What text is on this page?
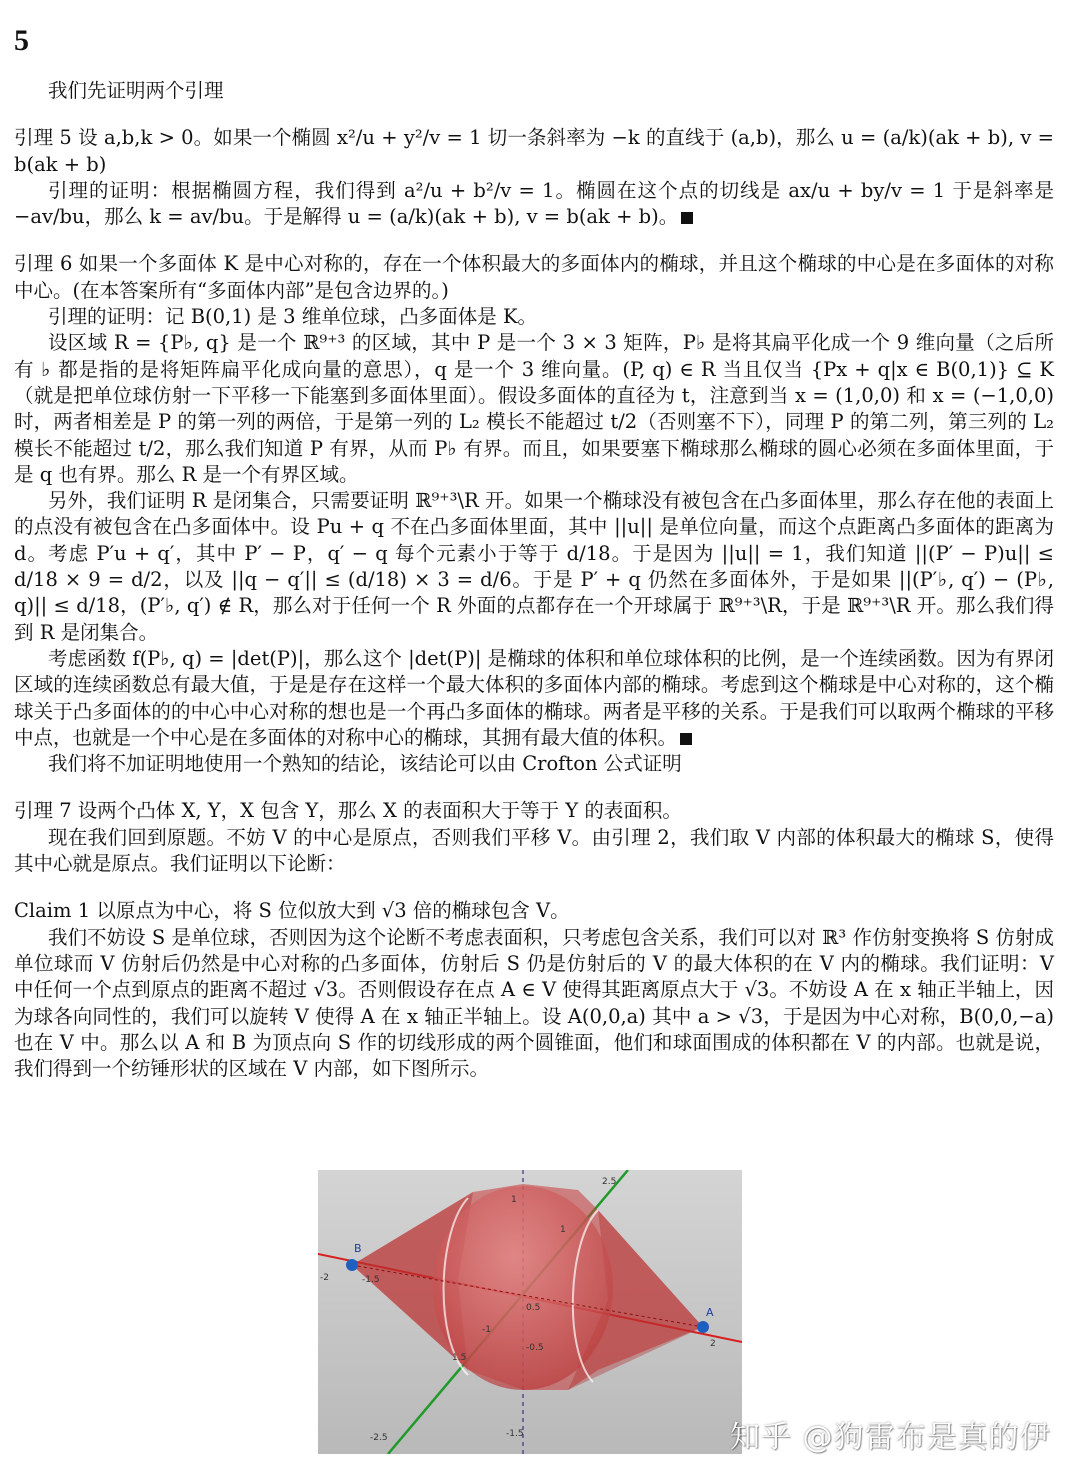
5

我们先证明两个引理

引理 5 设 a,b,k > 0。如果一个椭圆 x²/u + y²/v = 1 切一条斜率为 −k 的直线于 (a,b)，那么 u = (a/k)(ak + b), v = b(ak + b)

引理的证明：根据椭圆方程，我们得到 a²/u + b²/v = 1。椭圆在这个点的切线是 ax/u + by/v = 1 于是斜率是 −av/bu，那么 k = av/bu。于是解得 u = (a/k)(ak + b), v = b(ak + b)。

引理 6 如果一个多面体 K 是中心对称的，存在一个体积最大的多面体内的椭球，并且这个椭球的中心是在多面体的对称中心。(在本答案所有“多面体内部”是包含边界的。)

引理的证明：记 B(0,1) 是 3 维单位球，凸多面体是 K。

设区域 R = {P♭, q} 是一个 ℝ⁹⁺³ 的区域，其中 P 是一个 3 × 3 矩阵，P♭ 是将其扁平化成一个 9 维向量（之后所有 ♭ 都是指的是将矩阵扁平化成向量的意思），q 是一个 3 维向量。(P, q) ∈ R 当且仅当 {Px + q|x ∈ B(0,1)} ⊆ K（就是把单位球仿射一下平移一下能塞到多面体里面）。假设多面体的直径为 t，注意到当 x = (1,0,0) 和 x = (−1,0,0) 时，两者相差是 P 的第一列的两倍，于是第一列的 L₂ 模长不能超过 t/2（否则塞不下），同理 P 的第二列，第三列的 L₂ 模长不能超过 t/2，那么我们知道 P 有界，从而 P♭ 有界。而且，如果要塞下椭球那么椭球的圆心必须在多面体里面，于是 q 也有界。那么 R 是一个有界区域。

另外，我们证明 R 是闭集合，只需要证明 ℝ⁹⁺³\R 开。如果一个椭球没有被包含在凸多面体里，那么存在他的表面上的点没有被包含在凸多面体中。设 Pu + q 不在凸多面体里面，其中 ||u|| 是单位向量，而这个点距离凸多面体的距离为 d。考虑 P′u + q′，其中 P′ − P，q′ − q 每个元素小于等于 d/18。于是因为 ||u|| = 1，我们知道 ||(P′ − P)u|| ≤ d/18 × 9 = d/2，以及 ||q − q′|| ≤ (d/18) × 3 = d/6。于是 P′ + q 仍然在多面体外，于是如果 ||(P′♭, q′) − (P♭, q)|| ≤ d/18，(P′♭, q′) ∉ R，那么对于任何一个 R 外面的点都存在一个开球属于 ℝ⁹⁺³\R，于是 ℝ⁹⁺³\R 开。那么我们得到 R 是闭集合。

考虑函数 f(P♭, q) = |det(P)|，那么这个 |det(P)| 是椭球的体积和单位球体积的比例，是一个连续函数。因为有界闭区域的连续函数总有最大值，于是是存在这样一个最大体积的多面体内部的椭球。考虑到这个椭球是中心对称的，这个椭球关于凸多面体的的中心中心对称的想也是一个再凸多面体的椭球。两者是平移的关系。于是我们可以取两个椭球的平移中点，也就是一个中心是在多面体的对称中心的椭球，其拥有最大值的体积。

我们将不加证明地使用一个熟知的结论，该结论可以由 Crofton 公式证明

引理 7 设两个凸体 X, Y，X 包含 Y，那么 X 的表面积大于等于 Y 的表面积。

现在我们回到原题。不妨 V 的中心是原点，否则我们平移 V。由引理 2，我们取 V 内部的体积最大的椭球 S，使得其中心就是原点。我们证明以下论断：

Claim 1 以原点为中心，将 S 位似放大到 √3 倍的椭球包含 V。

我们不妨设 S 是单位球，否则因为这个论断不考虑表面积，只考虑包含关系，我们可以对 ℝ³ 作仿射变换将 S 仿射成单位球而 V 仿射后仍然是中心对称的凸多面体，仿射后 S 仍是仿射后的 V 的最大体积的在 V 内的椭球。我们证明：V 中任何一个点到原点的距离不超过 √3。否则假设存在点 A ∈ V 使得其距离原点大于 √3。不妨设 A 在 x 轴正半轴上，因为球各向同性的，我们可以旋转 V 使得 A 在 x 轴正半轴上。设 A(0,0,a) 其中 a > √3，于是因为中心对称，B(0,0,−a) 也在 V 中。那么以 A 和 B 为顶点向 S 作的切线形成的两个圆锥面，他们和球面围成的体积都在 V 的内部。也就是说，我们得到一个纺锤形状的区域在 V 内部，如下图所示。

B
A
1
-1
-1.5
1.5
2
-2
2.5
-2.5
-1.5
0.5
-0.5
1
知乎 @狗雷布是真的伊
